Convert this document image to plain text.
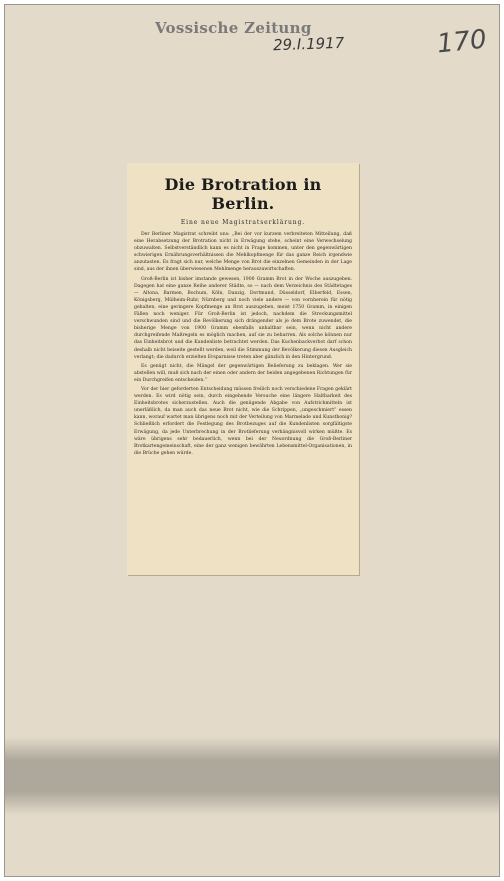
Vossische Zeitung
29.I.1917	170
Die Brotration in Berlin.
Eine neue Magistratserklärung.

Der Berliner Magistrat schreibt uns: „Bei der vor kurzem verbreiteten Mitteilung, daß eine Herabsetzung der Brotration nicht in Erwägung stehe, scheint eine Verwechselung obzuwalten. Selbstverständlich kann es nicht in Frage kommen, unter den gegenwärtigen schwierigen Ernährungsverhältnissen die Mehlkopfmenge für das ganze Reich irgendwie anzutasten. Es fragt sich nur, welche Menge von Brot die einzelnen Gemeinden in der Lage sind, aus der ihnen überwiesenen Mehlmenge herauszuwirtschaften.

Groß-Berlin ist bisher imstande gewesen, 1900 Gramm Brot in der Woche auszugeben. Dagegen hat eine ganze Reihe anderer Städte, so — nach dem Verzeichnis des Städtetages — Altona, Barmen, Bochum, Köln, Danzig, Dortmund, Düsseldorf, Elberfeld, Essen, Königsberg, Mülheim-Ruhr, Nürnberg und noch viele andere — von vornherein für nötig gehalten, eine geringere Kopfmenge an Brot auszugeben, meist 1750 Gramm, in einigen Fällen noch weniger. Für Groß-Berlin ist jedoch, nachdem die Streckungsmittel verschwunden sind und die Bevölkerung sich drängender als je dem Brote zuwendet, die bisherige Menge von 1900 Gramm ebenfalls unhaltbar sein, wenn nicht andere durchgreifende Maßregeln es möglich machen, auf sie zu beharren. Als solche können nur das Einheitsbrot und die Kundenliste betrachtet werden. Das Kuchenbackverbot darf schon deshalb nicht beiseite gestellt werden, weil die Stimmung der Bevölkerung diesen Ausgleich verlangt; die dadurch erzielten Ersparnisse treten aber gänzlich in den Hintergrund.

Es genügt nicht, die Mängel der gegenwärtigen Belieferung zu beklagen. Wer sie abstellen will, muß sich nach der einen oder andern der beiden angegebenen Richtungen für ein Durchgreifen entscheiden.“

Vor der hier geforderten Entscheidung müssen freilich noch verschiedene Fragen geklärt werden. Es wird nötig sein, durch eingehende Versuche eine längere Haltbarkeit des Einheitsbrotes sicherzustellen. Auch die genügende Abgabe von Aufstrichmitteln ist unerläßlich, da man auch das neue Brot nicht, wie die Schrippen, „ungeschmiert“ essen kann, worauf wartet man übrigens noch mit der Verteilung von Marmelade und Kunsthonig? Schließlich erfordert die Festlegung des Brotbezuges auf die Kundenlisten sorgfältigste Erwägung, da jede Unterbrechung in der Brotlieferung verhängnisvoll wirken müßte. Es wäre übrigens sehr bedauerlich, wenn bei der Neuordnung die Groß-Berliner Brotkartengemeinschaft, eine der ganz wenigen bewährten Lebensmittel-Organisationen, in die Brüche gehen würde.
